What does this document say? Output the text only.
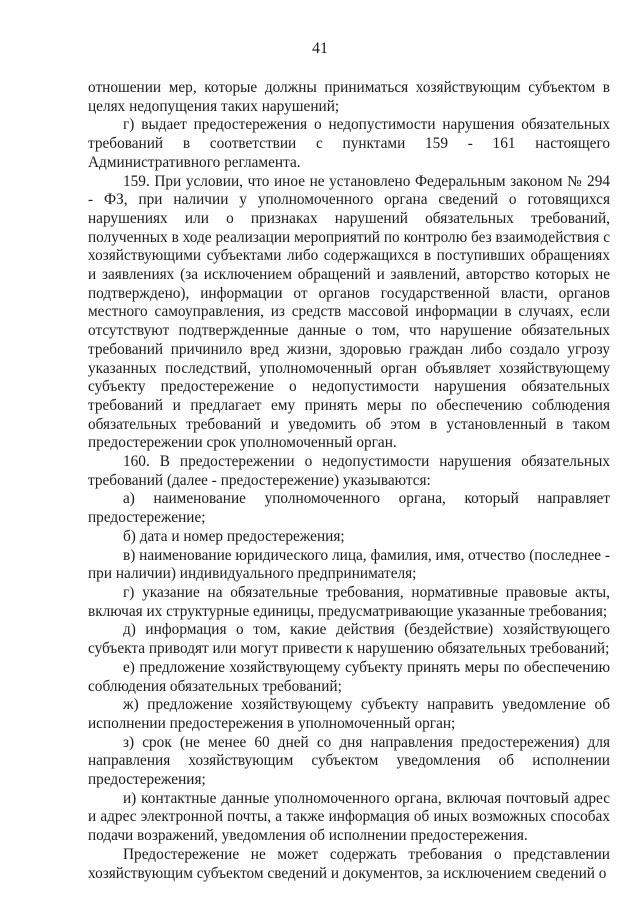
41

отношении мер, которые должны приниматься хозяйствующим субъектом в целях недопущения таких нарушений;

г) выдает предостережения о недопустимости нарушения обязательных требований в соответствии с пунктами 159 - 161 настоящего Административного регламента.

159. При условии, что иное не установлено Федеральным законом № 294 - ФЗ, при наличии у уполномоченного органа сведений о готовящихся нарушениях или о признаках нарушений обязательных требований, полученных в ходе реализации мероприятий по контролю без взаимодействия с хозяйствующими субъектами либо содержащихся в поступивших обращениях и заявлениях (за исключением обращений и заявлений, авторство которых не подтверждено), информации от органов государственной власти, органов местного самоуправления, из средств массовой информации в случаях, если отсутствуют подтвержденные данные о том, что нарушение обязательных требований причинило вред жизни, здоровью граждан либо создало угрозу указанных последствий, уполномоченный орган объявляет хозяйствующему субъекту предостережение о недопустимости нарушения обязательных требований и предлагает ему принять меры по обеспечению соблюдения обязательных требований и уведомить об этом в установленный в таком предостережении срок уполномоченный орган.

160. В предостережении о недопустимости нарушения обязательных требований (далее - предостережение) указываются:

а) наименование уполномоченного органа, который направляет предостережение;

б) дата и номер предостережения;

в) наименование юридического лица, фамилия, имя, отчество (последнее - при наличии) индивидуального предпринимателя;

г) указание на обязательные требования, нормативные правовые акты, включая их структурные единицы, предусматривающие указанные требования;

д) информация о том, какие действия (бездействие) хозяйствующего субъекта приводят или могут привести к нарушению обязательных требований;

е) предложение хозяйствующему субъекту принять меры по обеспечению соблюдения обязательных требований;

ж) предложение хозяйствующему субъекту направить уведомление об исполнении предостережения в уполномоченный орган;

з) срок (не менее 60 дней со дня направления предостережения) для направления хозяйствующим субъектом уведомления об исполнении предостережения;

и) контактные данные уполномоченного органа, включая почтовый адрес и адрес электронной почты, а также информация об иных возможных способах подачи возражений, уведомления об исполнении предостережения.

Предостережение не может содержать требования о представлении хозяйствующим субъектом сведений и документов, за исключением сведений о
